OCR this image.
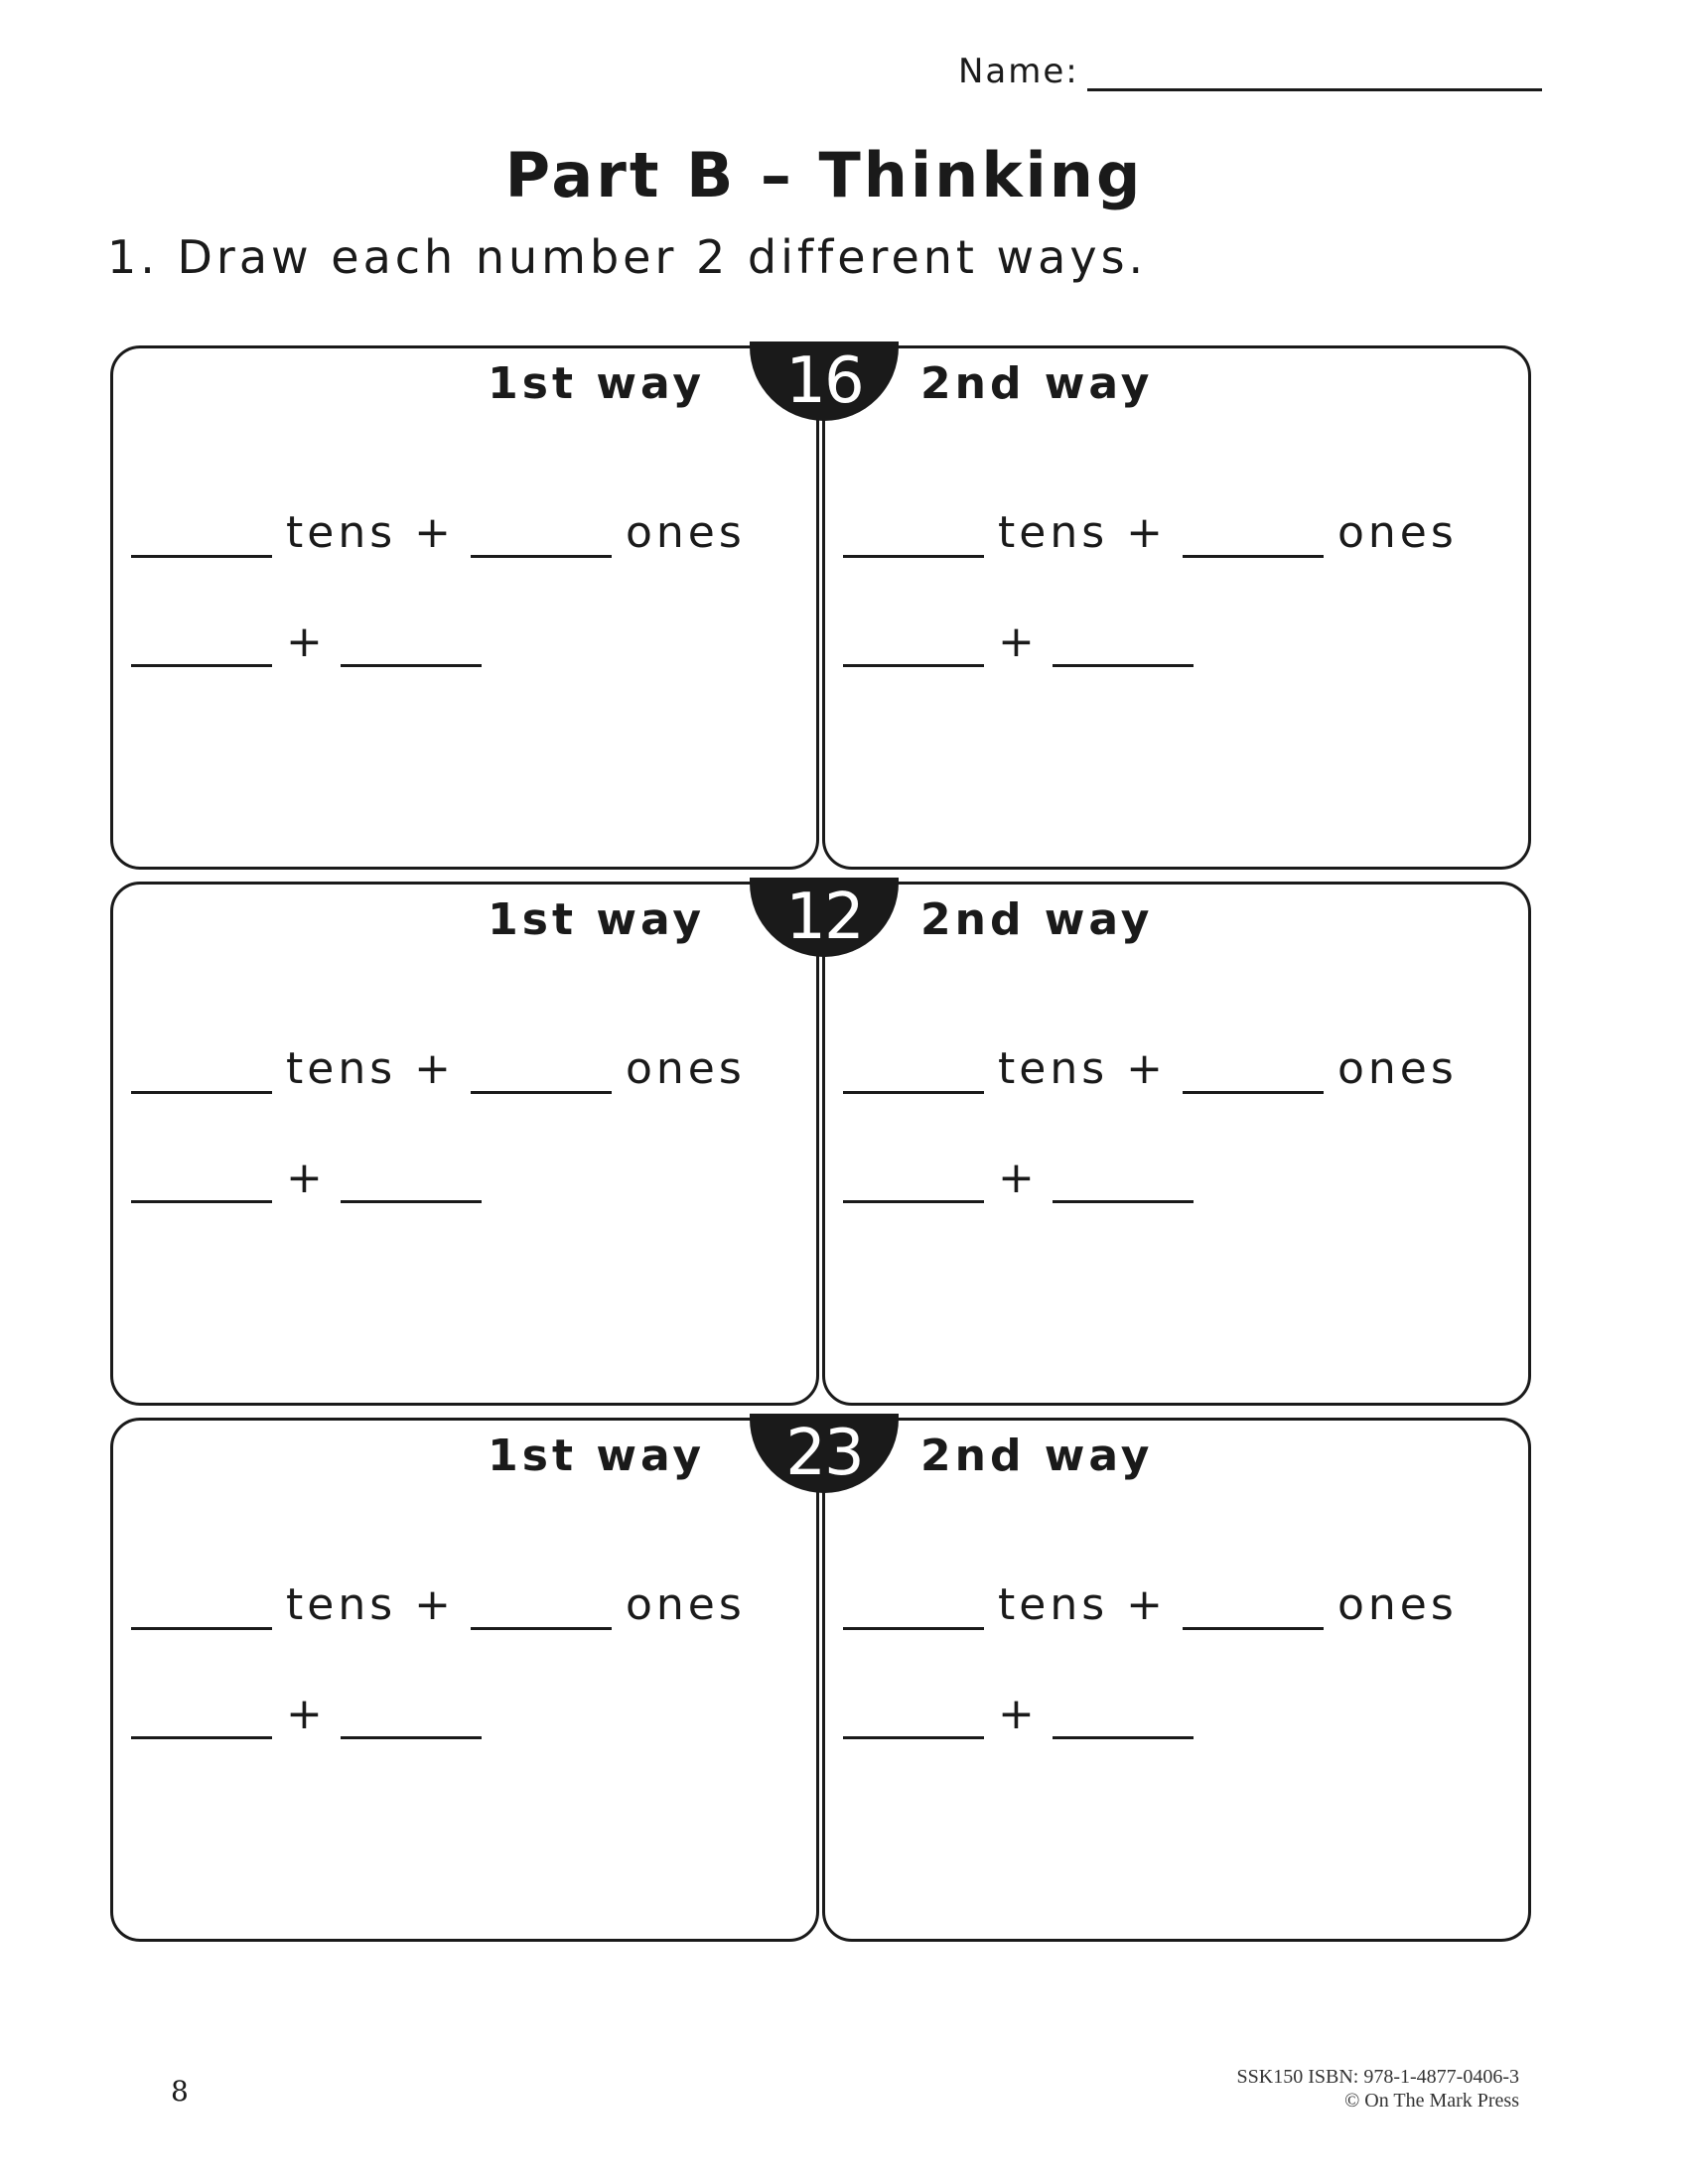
Name:
Part B – Thinking
1. Draw each number 2 different ways.
1st way
tens +	ones
+
2nd way
tens +	ones
+
16
1st way
tens +	ones
+
2nd way
tens +	ones
+
12
1st way
tens +	ones
+
2nd way
tens +	ones
+
23
8	SSK150 ISBN: 978-1-4877-0406-3
© On The Mark Press
